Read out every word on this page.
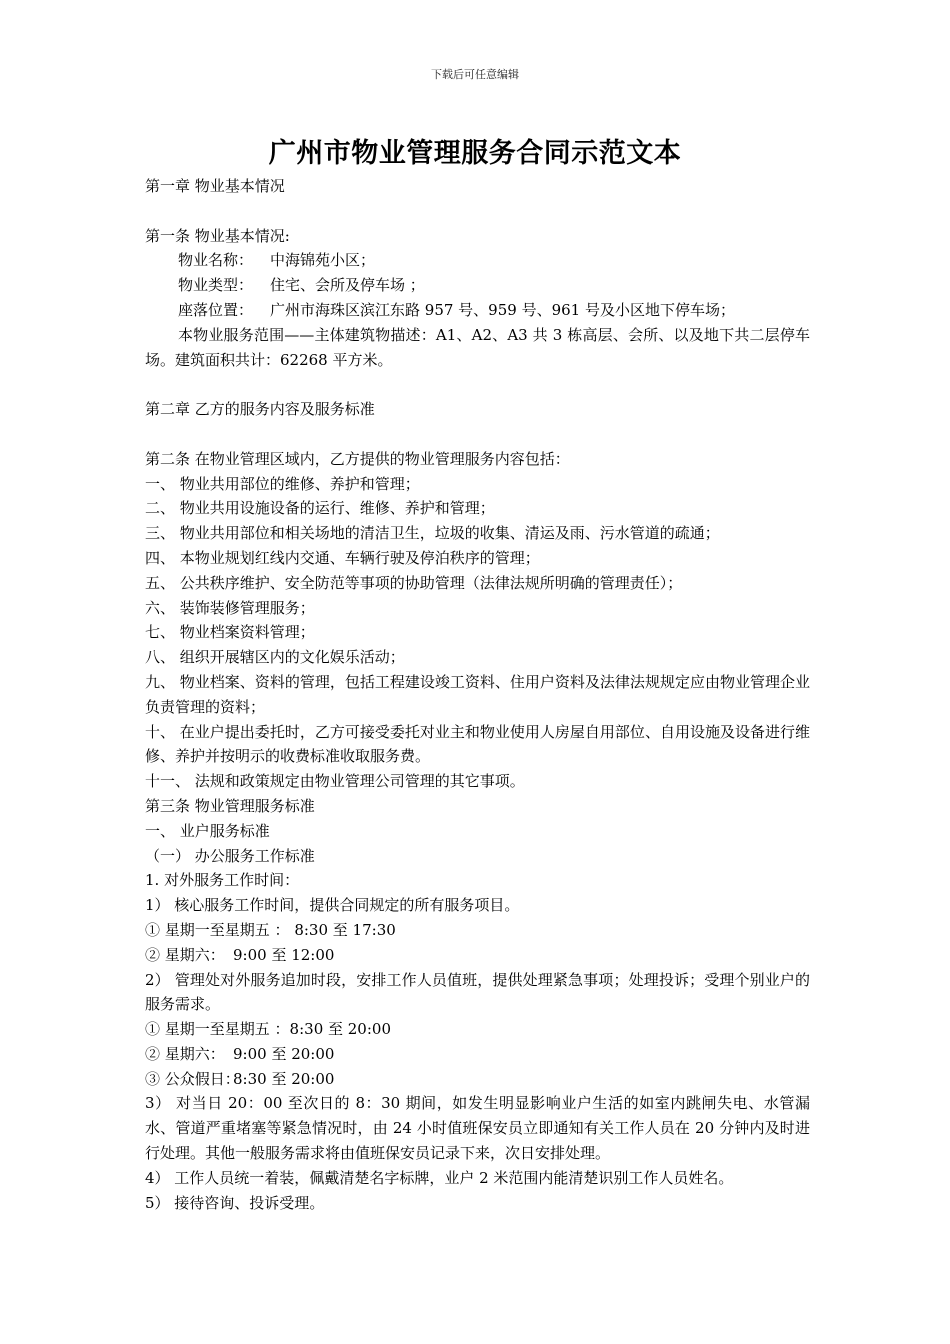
下载后可任意编辑
广州市物业管理服务合同示范文本

第一章 物业基本情况

第一条 物业基本情况:

物业名称： 中海锦苑小区；

物业类型： 住宅、会所及停车场 ；

座落位置： 广州市海珠区滨江东路 957 号、959 号、961 号及小区地下停车场；

本物业服务范围——主体建筑物描述：A1、A2、A3 共 3 栋高层、会所、以及地下共二层停车场。建筑面积共计：62268 平方米。

第二章 乙方的服务内容及服务标准

第二条 在物业管理区域内，乙方提供的物业管理服务内容包括：

一、 物业共用部位的维修、养护和管理；

二、 物业共用设施设备的运行、维修、养护和管理；

三、 物业共用部位和相关场地的清洁卫生，垃圾的收集、清运及雨、污水管道的疏通；

四、 本物业规划红线内交通、车辆行驶及停泊秩序的管理；

五、 公共秩序维护、安全防范等事项的协助管理（法律法规所明确的管理责任）；

六、 装饰装修管理服务；

七、 物业档案资料管理；

八、 组织开展辖区内的文化娱乐活动；

九、 物业档案、资料的管理，包括工程建设竣工资料、住用户资料及法律法规规定应由物业管理企业负责管理的资料；

十、 在业户提出委托时，乙方可接受委托对业主和物业使用人房屋自用部位、自用设施及设备进行维修、养护并按明示的收费标准收取服务费。

十一、 法规和政策规定由物业管理公司管理的其它事项。

第三条 物业管理服务标准

一、 业户服务标准

（一） 办公服务工作标准

1. 对外服务工作时间：

1） 核心服务工作时间，提供合同规定的所有服务项目。

① 星期一至星期五 ： 8:30 至 17:30

② 星期六： 9:00 至 12:00

2） 管理处对外服务追加时段，安排工作人员值班，提供处理紧急事项；处理投诉；受理个别业户的服务需求。

① 星期一至星期五 ：8:30 至 20:00

② 星期六： 9:00 至 20:00

③ 公众假日：8:30 至 20:00

3） 对当日 20：00 至次日的 8：30 期间，如发生明显影响业户生活的如室内跳闸失电、水管漏水、管道严重堵塞等紧急情况时，由 24 小时值班保安员立即通知有关工作人员在 20 分钟内及时进行处理。其他一般服务需求将由值班保安员记录下来，次日安排处理。

4） 工作人员统一着装，佩戴清楚名字标牌，业户 2 米范围内能清楚识别工作人员姓名。

5） 接待咨询、投诉受理。
